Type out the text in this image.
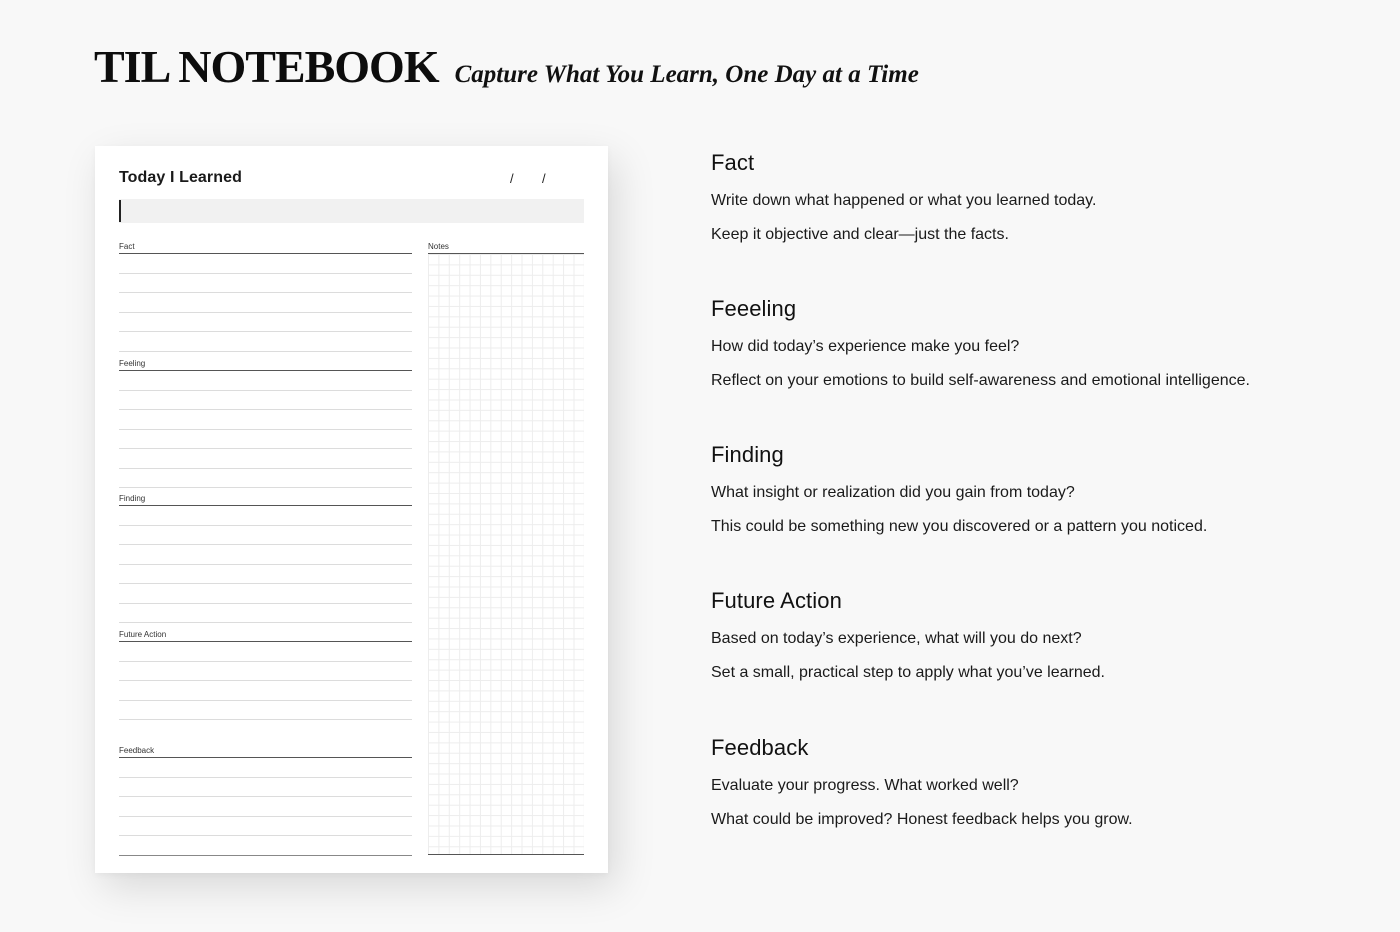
TIL NOTEBOOK Capture What You Learn, One Day at a Time
Today I Learned	/ /
Fact
Feeling
Finding
Future Action
Feedback
Notes
Fact

Write down what happened or what you learned today.

Keep it objective and clear—just the facts.

Feeeling

How did today’s experience make you feel?

Reflect on your emotions to build self-awareness and emotional intelligence.

Finding

What insight or realization did you gain from today?

This could be something new you discovered or a pattern you noticed.

Future Action

Based on today’s experience, what will you do next?

Set a small, practical step to apply what you’ve learned.

Feedback

Evaluate your progress. What worked well?

What could be improved? Honest feedback helps you grow.
